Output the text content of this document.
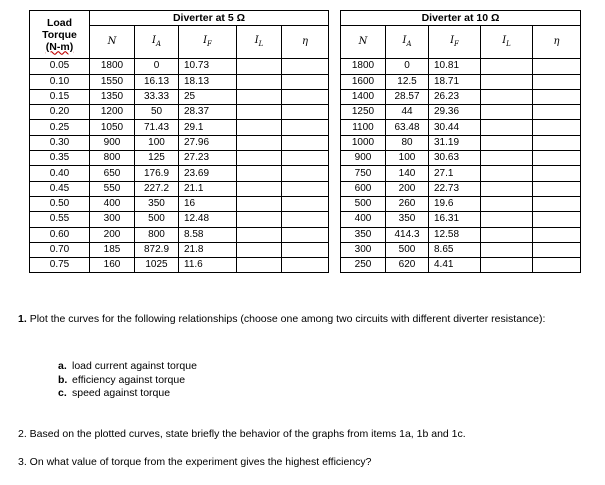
Load
Torque
(N-m)	Diverter at 5 Ω						Diverter at 10 Ω				
	N	$I_A$	$I_F$	$I_L$	η		N	$I_A$	$I_F$	$I_L$	η
0.05	1800	0	10.73				1800	0	10.81		
0.10	1550	16.13	18.13				1600	12.5	18.71		
0.15	1350	33.33	25				1400	28.57	26.23		
0.20	1200	50	28.37				1250	44	29.36		
0.25	1050	71.43	29.1				1100	63.48	30.44		
0.30	900	100	27.96				1000	80	31.19		
0.35	800	125	27.23				900	100	30.63		
0.40	650	176.9	23.69				750	140	27.1		
0.45	550	227.2	21.1				600	200	22.73		
0.50	400	350	16				500	260	19.6		
0.55	300	500	12.48				400	350	16.31		
0.60	200	800	8.58				350	414.3	12.58		
0.70	185	872.9	21.8				300	500	8.65		
0.75	160	1025	11.6				250	620	4.41		
1. Plot the curves for the following relationships (choose one among two circuits with different diverter resistance):
a. load current against torque
b. efficiency against torque
c. speed against torque
2. Based on the plotted curves, state briefly the behavior of the graphs from items 1a, 1b and 1c.
3. On what value of torque from the experiment gives the highest efficiency?
